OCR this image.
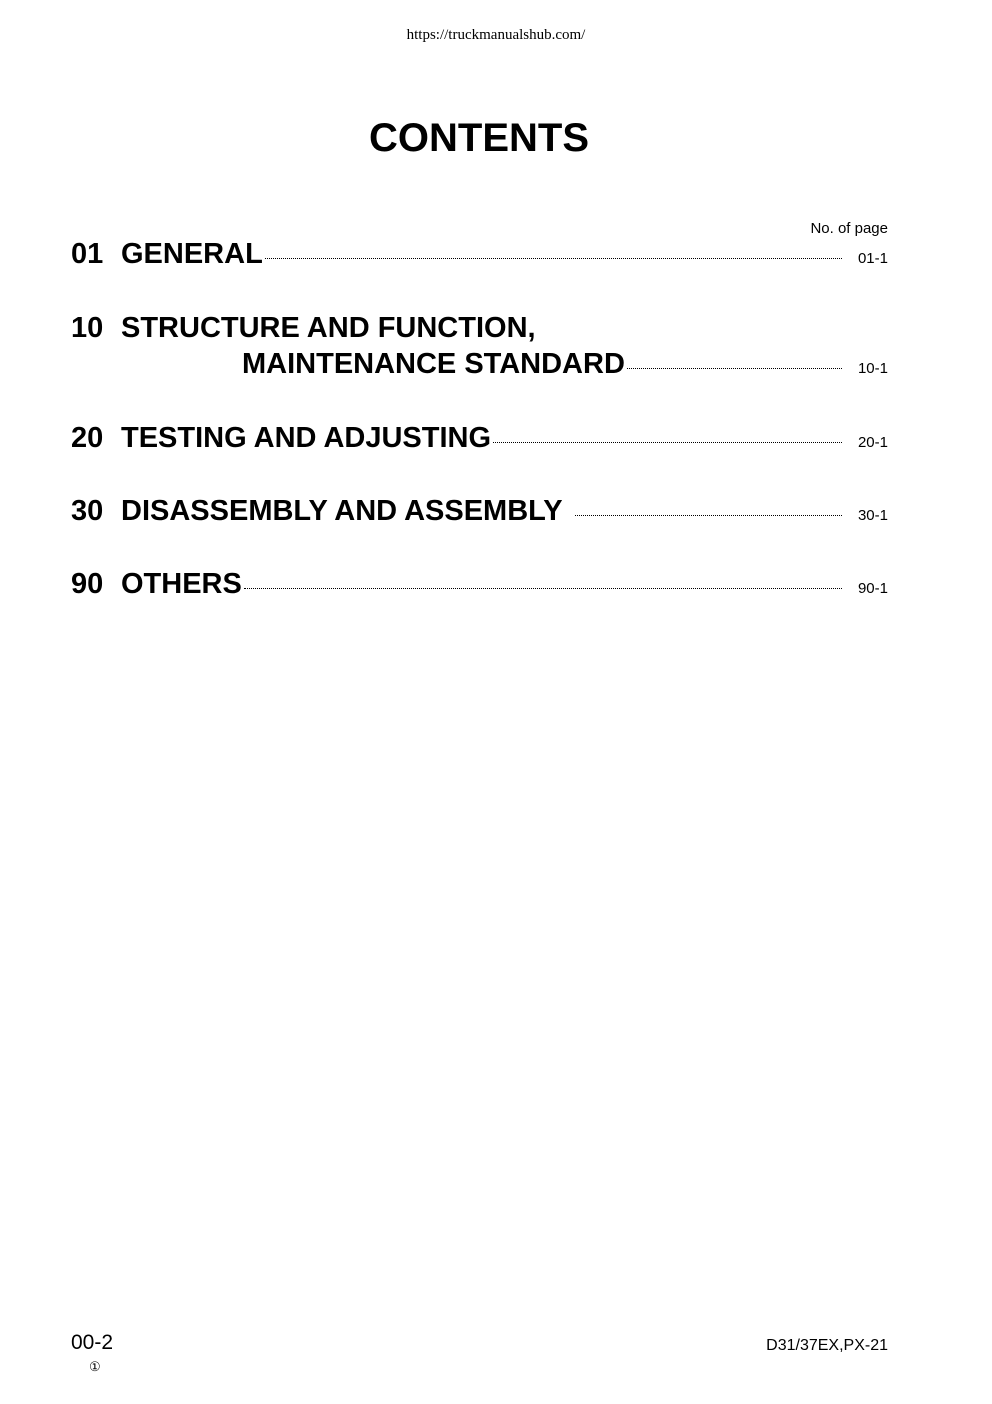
https://truckmanualshub.com/
CONTENTS
No. of page
01 GENERAL	01-1
10 STRUCTURE AND FUNCTION,
MAINTENANCE STANDARD	10-1
20 TESTING AND ADJUSTING	20-1
30 DISASSEMBLY AND ASSEMBLY	30-1
90 OTHERS	90-1
00-2
①
D31/37EX,PX-21
